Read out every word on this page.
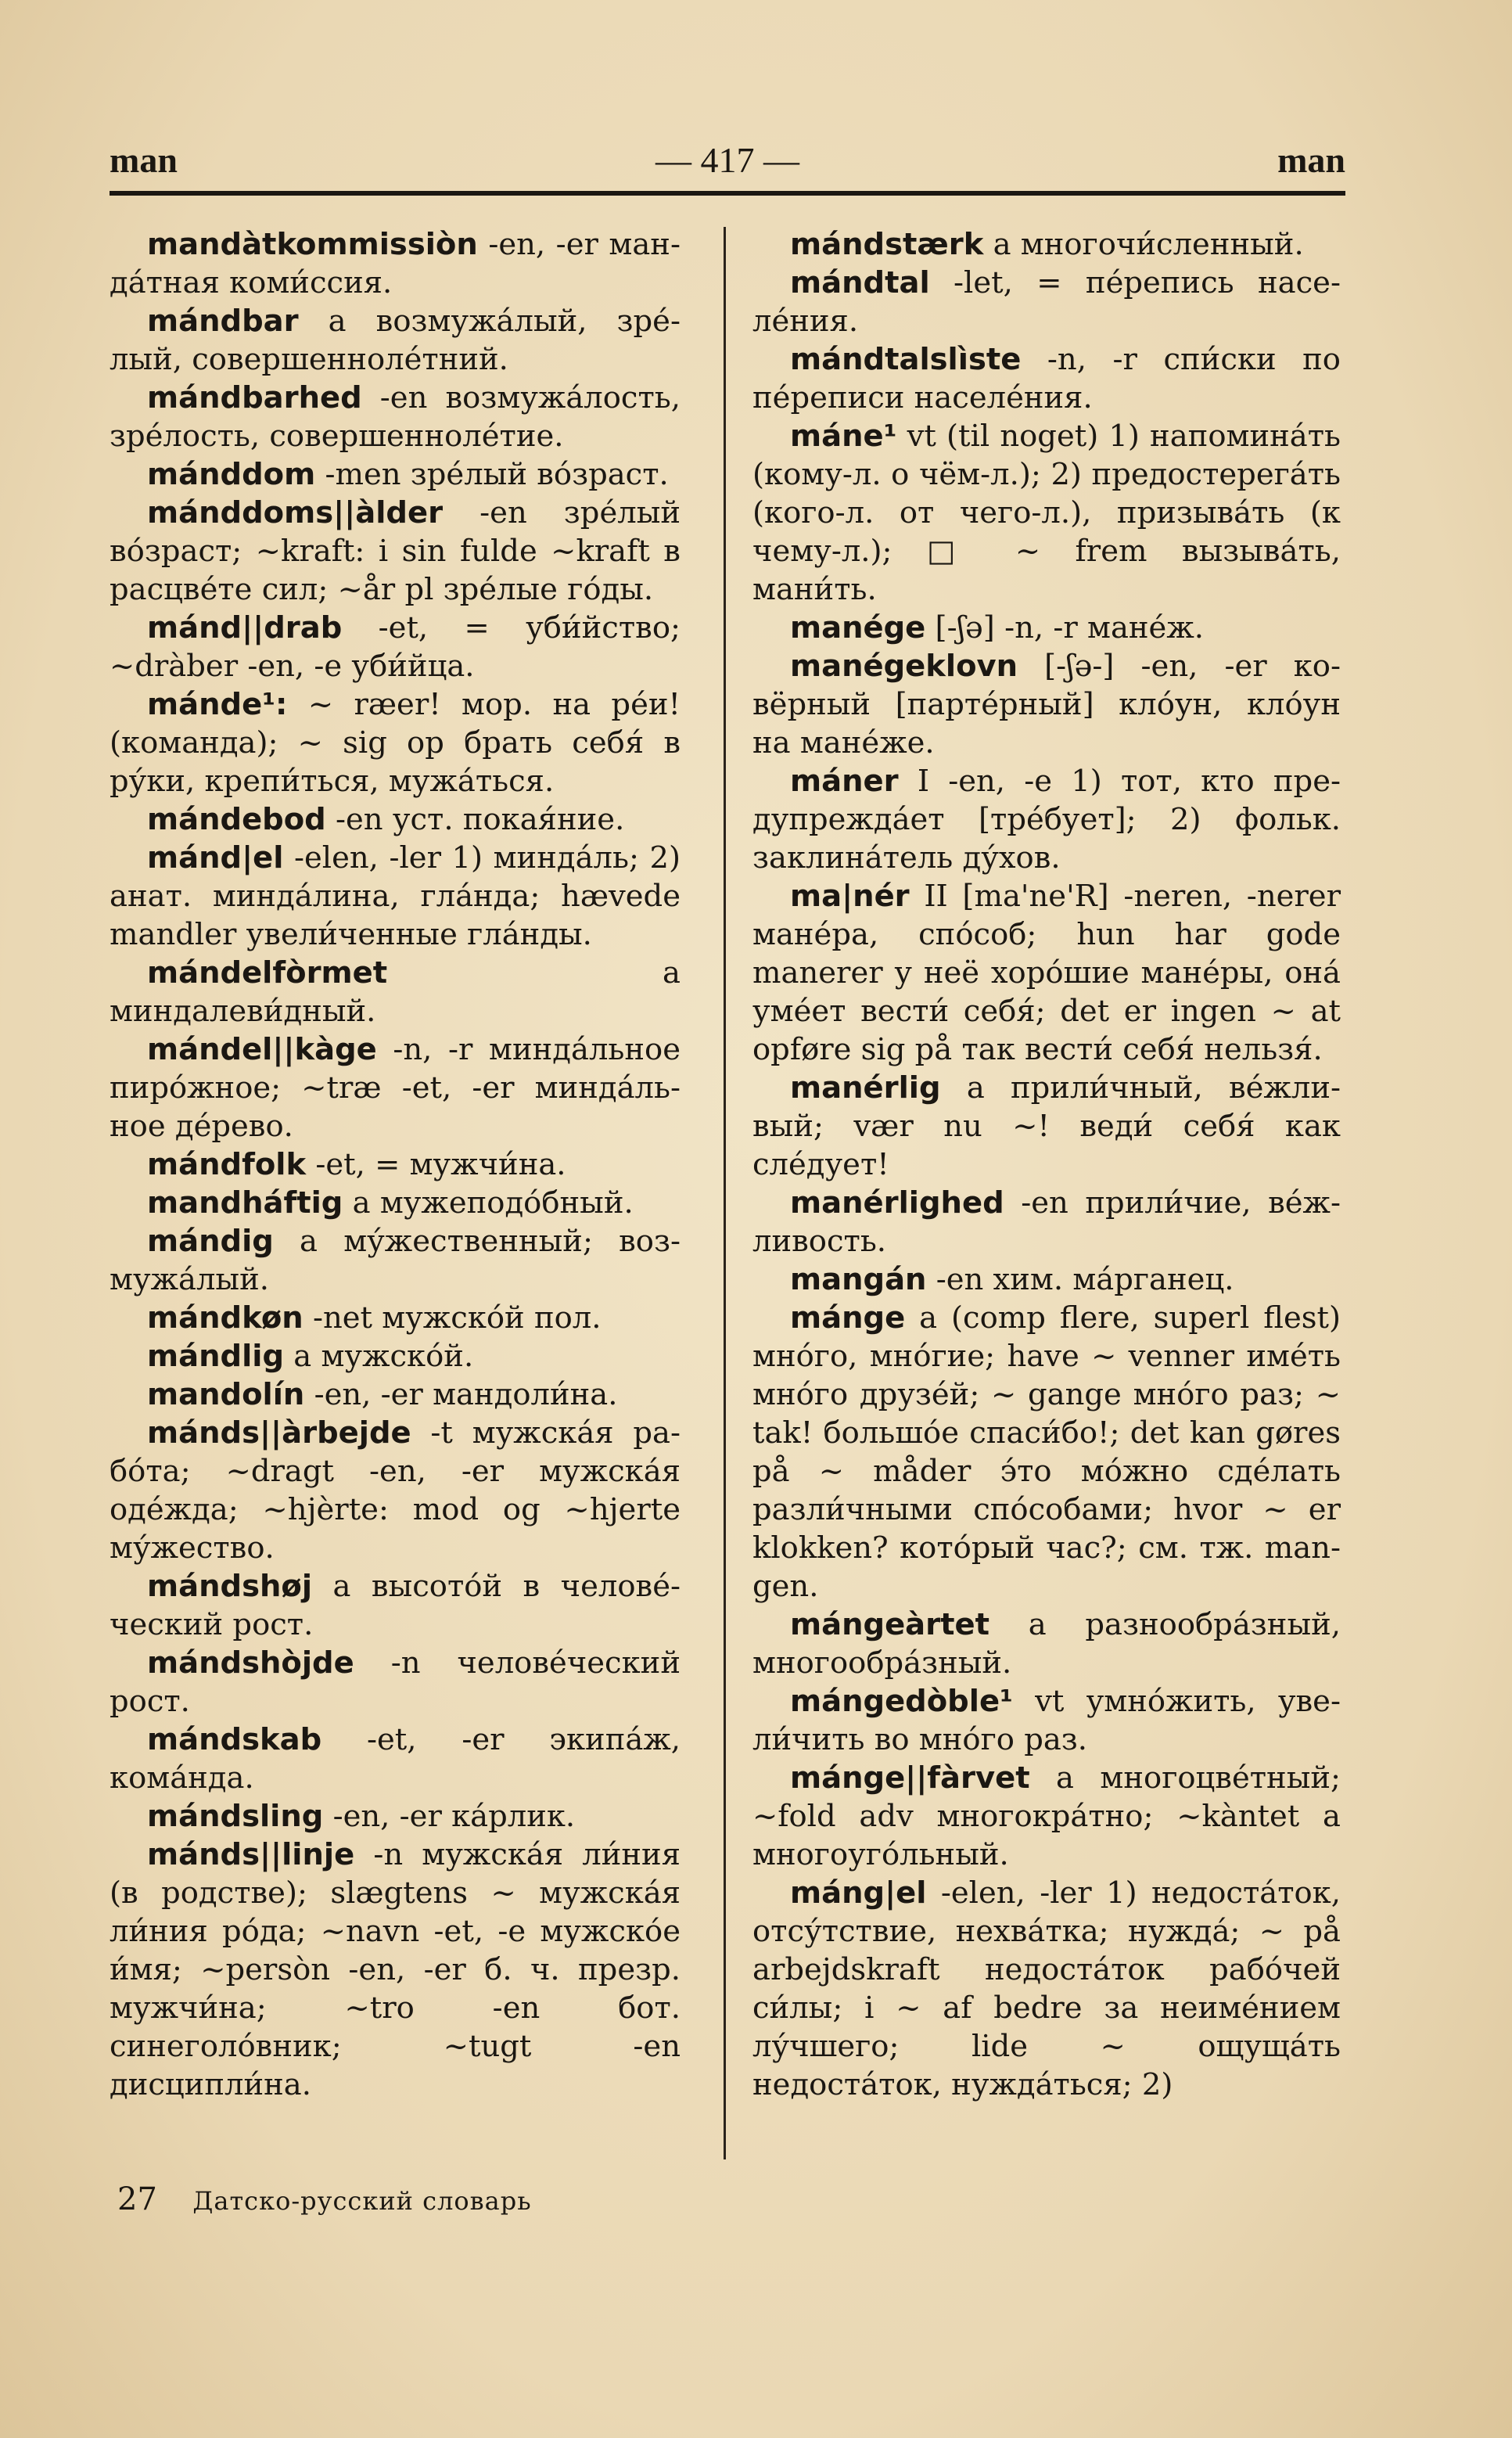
man	— 417 —	man

mandàtkommissiòn -en, -er манда́тная коми́ссия.

mándbar a возмужа́лый, зре́лый, совершеннолéтний.

mándbarhed -en возмужа́лость, зре́лость, совершеннолéтие.

mánddom -men зре́лый во́зраст.

mánddoms||àlder -en зре́лый во́зраст; ~kraft: i sin fulde ~kraft в расцвéте сил; ~år pl зре́лые го́ды.

mánd||drab -et, = уби́йство; ~dràber -en, -e уби́йца.

mánde¹: ~ ræer! мор. на рéи! (команда); ~ sig op брать себя́ в ру́ки, крепи́ться, мужа́ться.

mándebod -en уст. покая́ние.

mánd|el -elen, -ler 1) минда́ль; 2) анат. минда́лина, гла́нда; hævede mandler увели́ченные гла́нды.

mándelfòrmet	a миндалеви́дный.

mándel||kàge -n, -r минда́льное пиро́жное; ~træ -et, -er минда́льное дéрево.

mándfolk -et, = мужчи́на.

mandháftig a мужеподо́бный.

mándig a му́жественный; возмужа́лый.

mándkøn -net мужско́й пол.

mándlig a мужско́й.

mandolín -en, -er мандоли́на.

mánds||àrbejde -t мужска́я рабо́та; ~dragt -en, -er мужска́я одéжда; ~hjèrte: mod og ~hjerte му́жество.

mándshøj a высото́й в человéческий рост.

mándshòjde -n человéческий рост.

mándskab -et, -er экипа́ж, кома́нда.

mándsling -en, -er ка́рлик.

mánds||linje -n мужска́я ли́ния (в родстве); slægtens ~ мужска́я ли́ния ро́да; ~navn -et, -e мужско́е и́мя; ~persòn -en, -er б. ч. презр. мужчи́на; ~tro -en бот. синеголо́вник; ~tugt -en дисципли́на.

mándstærk a многочи́сленный.

mándtal -let, = пе́репись населéния.

mándtalslìste -n, -r спи́ски по пе́реписи населéния.

máne¹ vt (til noget) 1) напомина́ть (кому-л. о чём-л.); 2) предостерега́ть (кого-л. от чего-л.), призыва́ть (к чему-л.); □ ~ frem вызыва́ть, мани́ть.

manége [-ʃə] -n, -r манéж.

manégeklovn [-ʃə-] -en, -er ковёрный [партéрный] кло́ун, кло́ун на манéже.

máner I -en, -e 1) тот, кто предупреждáет [трéбует]; 2) фольк. заклина́тель ду́хов.

ma|nér II [ma'ne'R] -neren, -nerer манéра, спо́соб; hun har gode manerer у неё хоро́шие манéры, она́ умéет вести́ себя́; det er ingen ~ at opføre sig på так вести́ себя́ нельзя́.

manérlig a прили́чный, вéжливый; vær nu ~! веди́ себя́ как слéдует!

manérlighed -en прили́чие, вéжливость.

mangán -en хим. ма́рганец.

mánge a (comp flere, superl flest) мно́го, мно́гие; have ~ venner имéть мно́го друзéй; ~ gange мно́го раз; ~ tak! большо́е спаси́бо!; det kan gøres på ~ måder э́то мо́жно сдéлать разли́чными спо́собами; hvor ~ er klokken? кото́рый час?; см. тж. mangen.

mángeàrtet a разнообра́зный, многообра́зный.

mángedòble¹ vt умно́жить, увели́чить во мно́го раз.

mánge||fàrvet a многоцвéтный; ~fold adv многокра́тно; ~kàntet a многоуго́льный.

máng|el -elen, -ler 1) недоста́ток, отсу́тствие, нехва́тка; нужда́; ~ på arbejdskraft недоста́ток рабо́чей си́лы; i ~ af bedre за неимéнием лу́чшего; lide ~ ощуща́ть недоста́ток, нужда́ться; 2)

27 Датско-русский словарь
